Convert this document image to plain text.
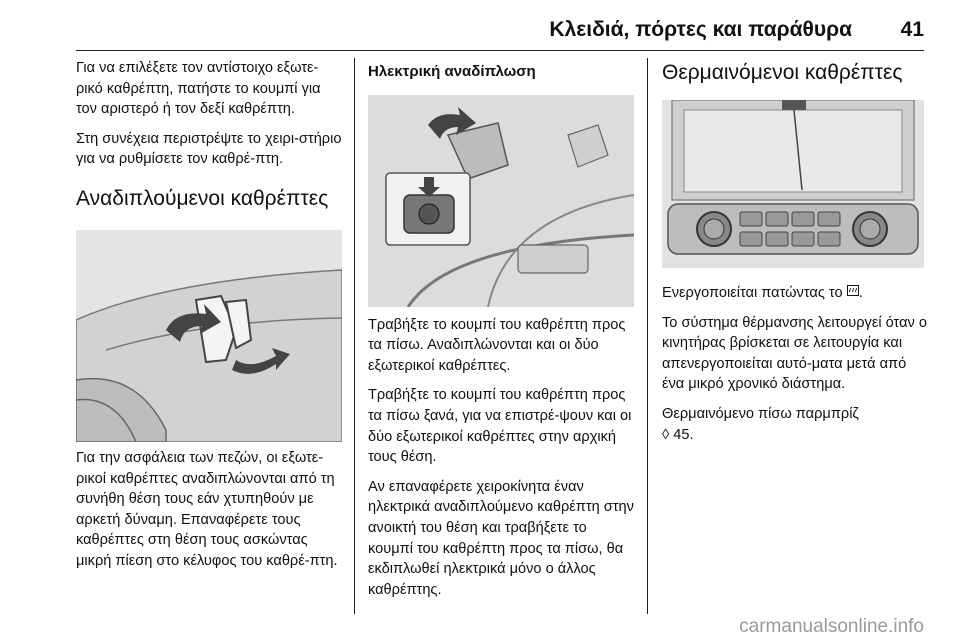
Κλειδιά, πόρτες και παράθυρα 41

Για να επιλέξετε τον αντίστοιχο εξωτε‐ρικό καθρέπτη, πατήστε το κουμπί για τον αριστερό ή τον δεξί καθρέπτη.

Στη συνέχεια περιστρέψτε το χειρι‐στήριο για να ρυθμίσετε τον καθρέ‐πτη.

Αναδιπλούμενοι καθρέπτες

Για την ασφάλεια των πεζών, οι εξωτε‐ρικοί καθρέπτες αναδιπλώνονται από τη συνήθη θέση τους εάν χτυπηθούν με αρκετή δύναμη. Επαναφέρετε τους καθρέπτες στη θέση τους ασκώντας μικρή πίεση στο κέλυφος του καθρέ‐πτη.

Ηλεκτρική αναδίπλωση

Τραβήξτε το κουμπί του καθρέπτη προς τα πίσω. Αναδιπλώνονται και οι δύο εξωτερικοί καθρέπτες.

Τραβήξτε το κουμπί του καθρέπτη προς τα πίσω ξανά, για να επιστρέ‐ψουν και οι δύο εξωτερικοί καθρέπτες στην αρχική τους θέση.

Αν επαναφέρετε χειροκίνητα έναν ηλεκτρικά αναδιπλούμενο καθρέπτη στην ανοικτή του θέση και τραβήξετε το κουμπί του καθρέπτη προς τα πίσω, θα εκδιπλωθεί ηλεκτρικά μόνο ο άλλος καθρέπτης.

Θερμαινόμενοι καθρέπτες

Ενεργοποιείται πατώντας το .

Το σύστημα θέρμανσης λειτουργεί όταν ο κινητήρας βρίσκεται σε λειτουργία και απενεργοποιείται αυτό‐ματα μετά από ένα μικρό χρονικό διάστημα.

Θερμαινόμενο πίσω παρμπρίζ
◊ 45.

carmanualsonline.info
